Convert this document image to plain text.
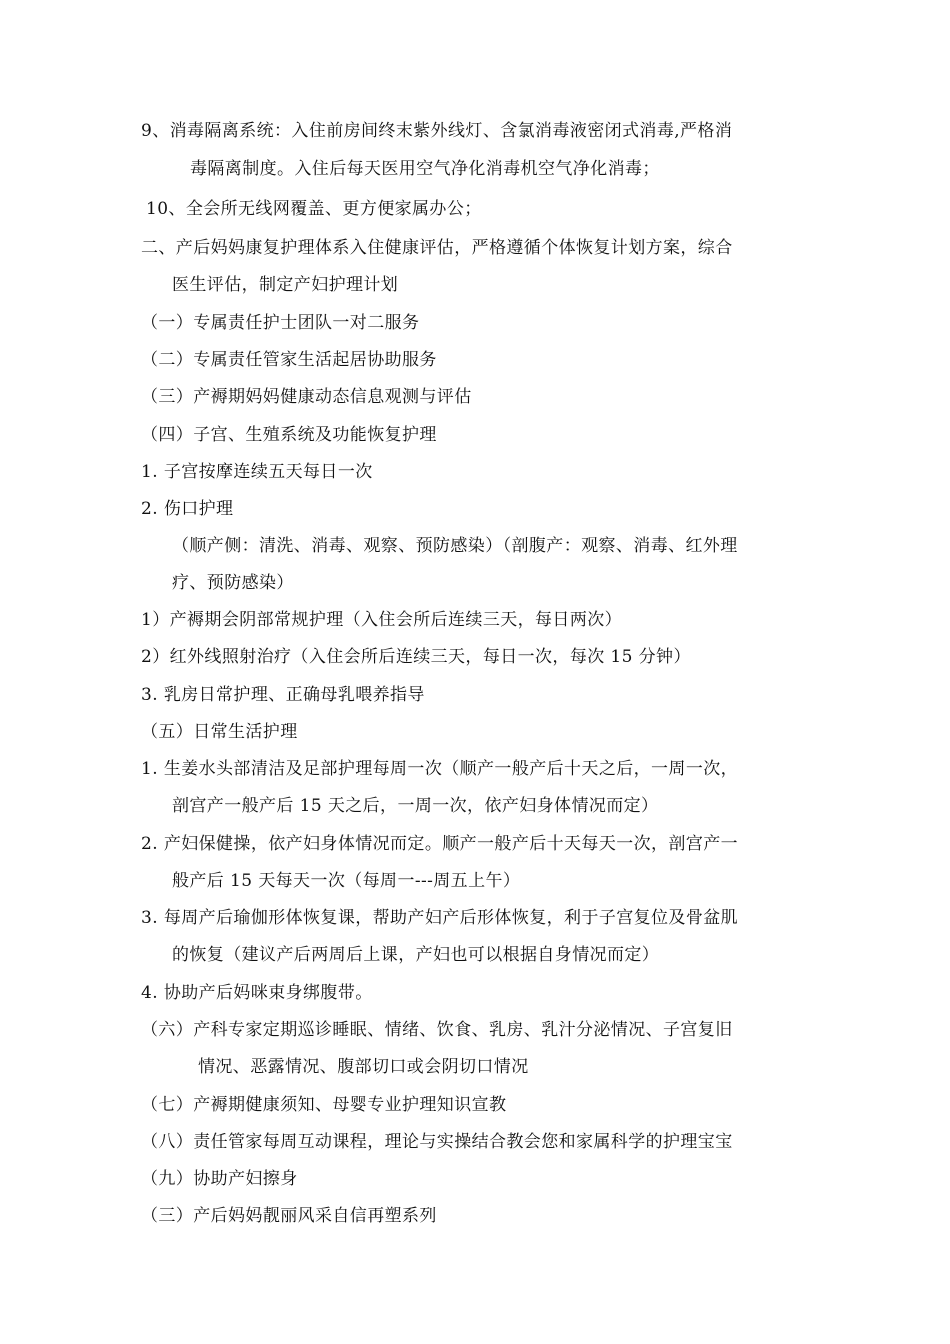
9、消毒隔离系统：入住前房间终末紫外线灯、含氯消毒液密闭式消毒,严格消
毒隔离制度。入住后每天医用空气净化消毒机空气净化消毒；
10、全会所无线网覆盖、更方便家属办公；
二、产后妈妈康复护理体系入住健康评估，严格遵循个体恢复计划方案，综合
医生评估，制定产妇护理计划
（一）专属责任护士团队一对二服务
（二）专属责任管家生活起居协助服务
（三）产褥期妈妈健康动态信息观测与评估
（四）子宫、生殖系统及功能恢复护理
1. 子宫按摩连续五天每日一次
2. 伤口护理
（顺产侧：清洗、消毒、观察、预防感染）（剖腹产：观察、消毒、红外理
疗、预防感染）
1）产褥期会阴部常规护理（入住会所后连续三天，每日两次）
2）红外线照射治疗（入住会所后连续三天，每日一次，每次 15 分钟）
3. 乳房日常护理、正确母乳喂养指导
（五）日常生活护理
1. 生姜水头部清洁及足部护理每周一次（顺产一般产后十天之后，一周一次，
剖宫产一般产后 15 天之后，一周一次，依产妇身体情况而定）
2. 产妇保健操，依产妇身体情况而定。顺产一般产后十天每天一次，剖宫产一
般产后 15 天每天一次（每周一---周五上午）
3. 每周产后瑜伽形体恢复课，帮助产妇产后形体恢复，利于子宫复位及骨盆肌
的恢复（建议产后两周后上课，产妇也可以根据自身情况而定）
4. 协助产后妈咪束身绑腹带。
（六）产科专家定期巡诊睡眠、情绪、饮食、乳房、乳汁分泌情况、子宫复旧
情况、恶露情况、腹部切口或会阴切口情况
（七）产褥期健康须知、母婴专业护理知识宣教
（八）责任管家每周互动课程，理论与实操结合教会您和家属科学的护理宝宝
（九）协助产妇擦身
（三）产后妈妈靓丽风采自信再塑系列
